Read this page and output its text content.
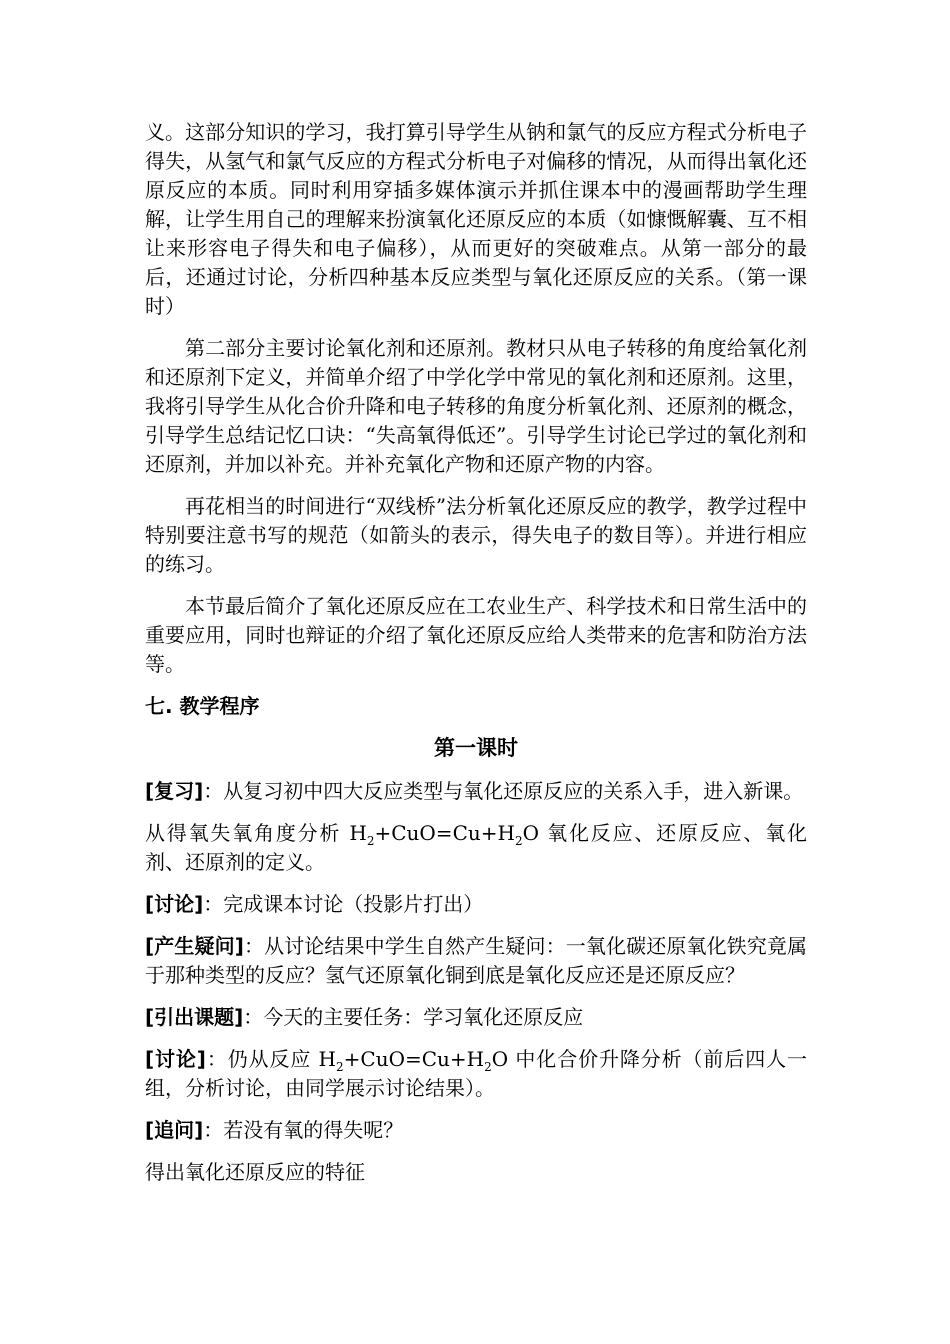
义。这部分知识的学习，我打算引导学生从钠和氯气的反应方程式分析电子得失，从氢气和氯气反应的方程式分析电子对偏移的情况，从而得出氧化还原反应的本质。同时利用穿插多媒体演示并抓住课本中的漫画帮助学生理解，让学生用自己的理解来扮演氧化还原反应的本质（如慷慨解囊、互不相让来形容电子得失和电子偏移），从而更好的突破难点。从第一部分的最后，还通过讨论，分析四种基本反应类型与氧化还原反应的关系。（第一课时）

第二部分主要讨论氧化剂和还原剂。教材只从电子转移的角度给氧化剂和还原剂下定义，并简单介绍了中学化学中常见的氧化剂和还原剂。这里，我将引导学生从化合价升降和电子转移的角度分析氧化剂、还原剂的概念，引导学生总结记忆口诀：“失高氧得低还”。引导学生讨论已学过的氧化剂和还原剂，并加以补充。并补充氧化产物和还原产物的内容。

再花相当的时间进行“双线桥”法分析氧化还原反应的教学，教学过程中特别要注意书写的规范（如箭头的表示，得失电子的数目等）。并进行相应的练习。

本节最后简介了氧化还原反应在工农业生产、科学技术和日常生活中的重要应用，同时也辩证的介绍了氧化还原反应给人类带来的危害和防治方法等。

七. 教学程序

第一课时

[复习]：从复习初中四大反应类型与氧化还原反应的关系入手，进入新课。

从得氧失氧角度分析 $H_2+CuO=Cu+H_2O$ 氧化反应、还原反应、氧化剂、还原剂的定义。

[讨论]：完成课本讨论（投影片打出）

[产生疑问]：从讨论结果中学生自然产生疑问：一氧化碳还原氧化铁究竟属于那种类型的反应？氢气还原氧化铜到底是氧化反应还是还原反应？

[引出课题]：今天的主要任务：学习氧化还原反应

[讨论]：仍从反应 $H_2+CuO=Cu+H_2O$ 中化合价升降分析（前后四人一组，分析讨论，由同学展示讨论结果）。

[追问]：若没有氧的得失呢？

得出氧化还原反应的特征
